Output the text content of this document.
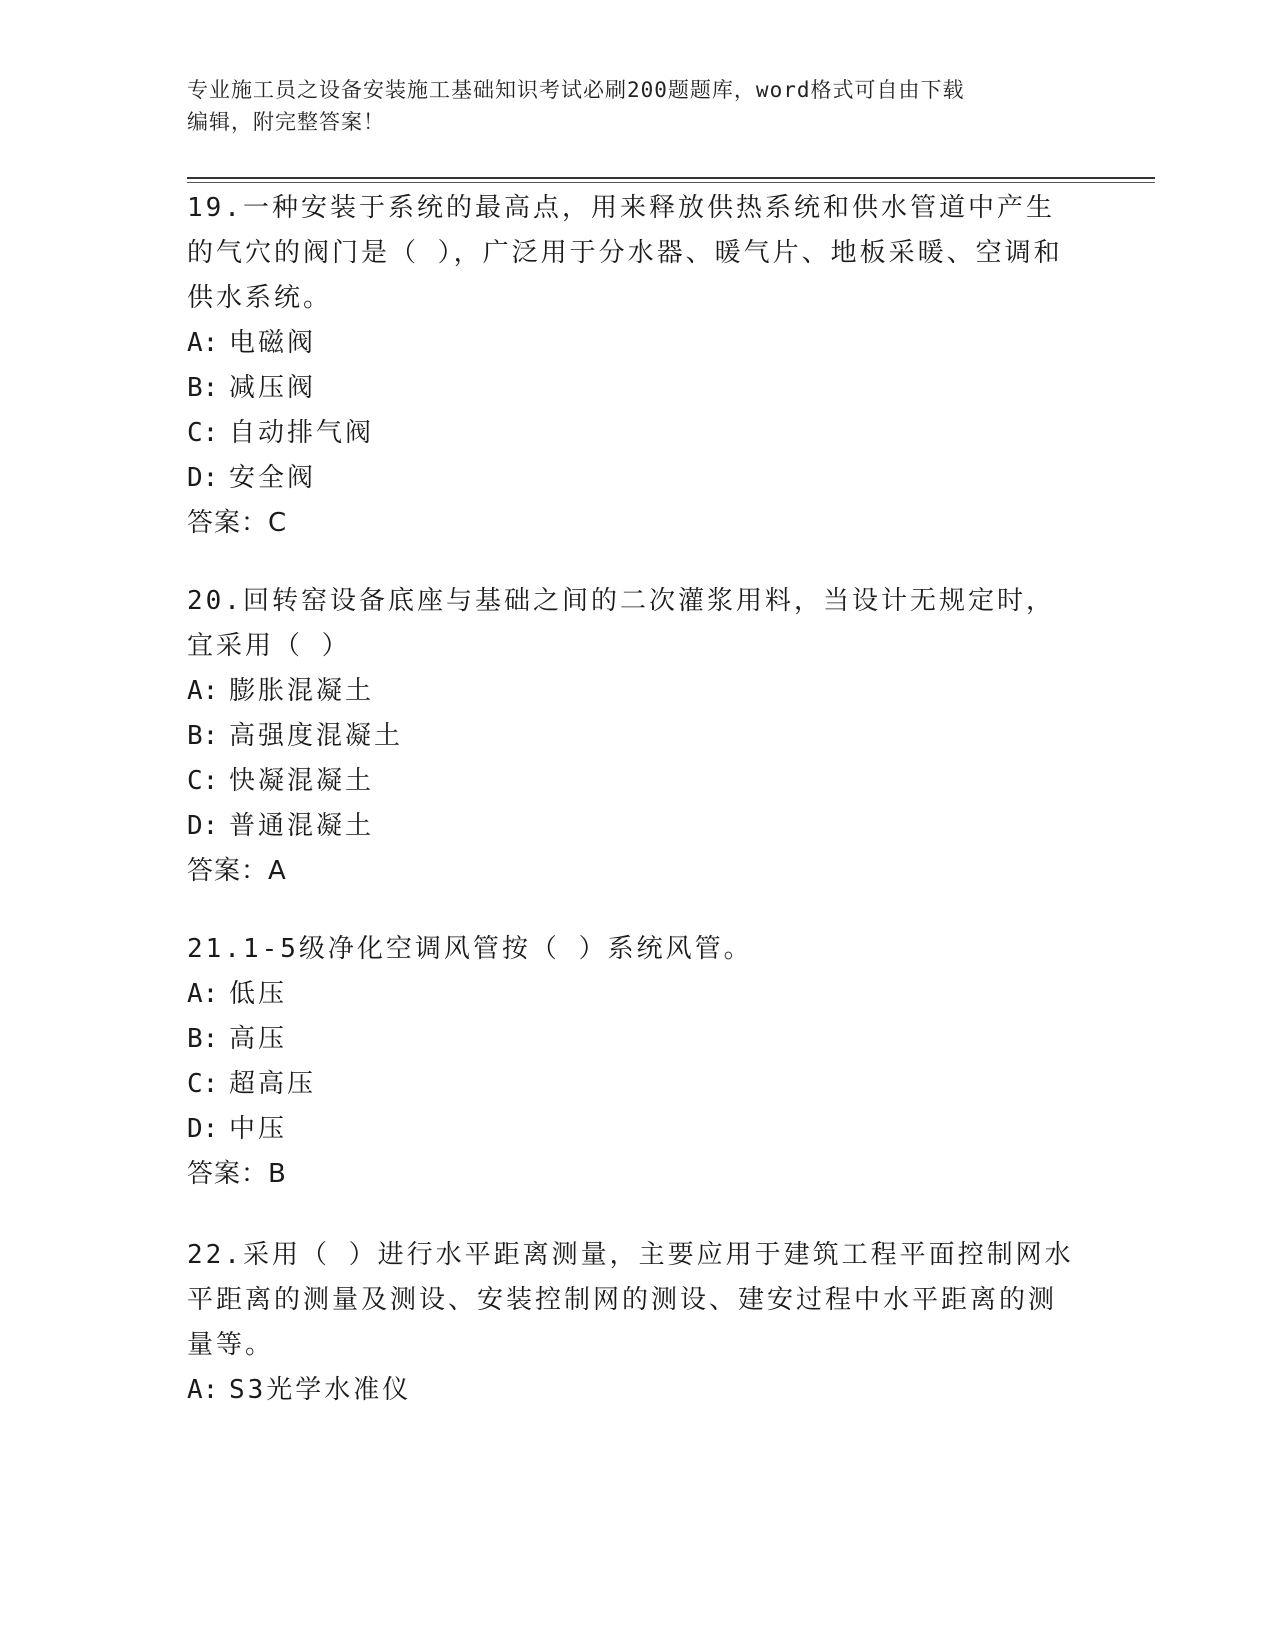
专业施工员之设备安装施工基础知识考试必刷200题题库，word格式可自由下载
编辑，附完整答案！

19.一种安装于系统的最高点，用来释放供热系统和供水管道中产生的气穴的阀门是（ ），广泛用于分水器、暖气片、地板采暖、空调和供水系统。

A: 电磁阀

B: 减压阀

C: 自动排气阀

D: 安全阀

答案：C

20.回转窑设备底座与基础之间的二次灌浆用料，当设计无规定时，宜采用（ ）

A: 膨胀混凝土

B: 高强度混凝土

C: 快凝混凝土

D: 普通混凝土

答案：A

21.1-5级净化空调风管按（ ）系统风管。

A: 低压

B: 高压

C: 超高压

D: 中压

答案：B

22.采用（ ）进行水平距离测量，主要应用于建筑工程平面控制网水平距离的测量及测设、安装控制网的测设、建安过程中水平距离的测量等。

A: S3光学水准仪
